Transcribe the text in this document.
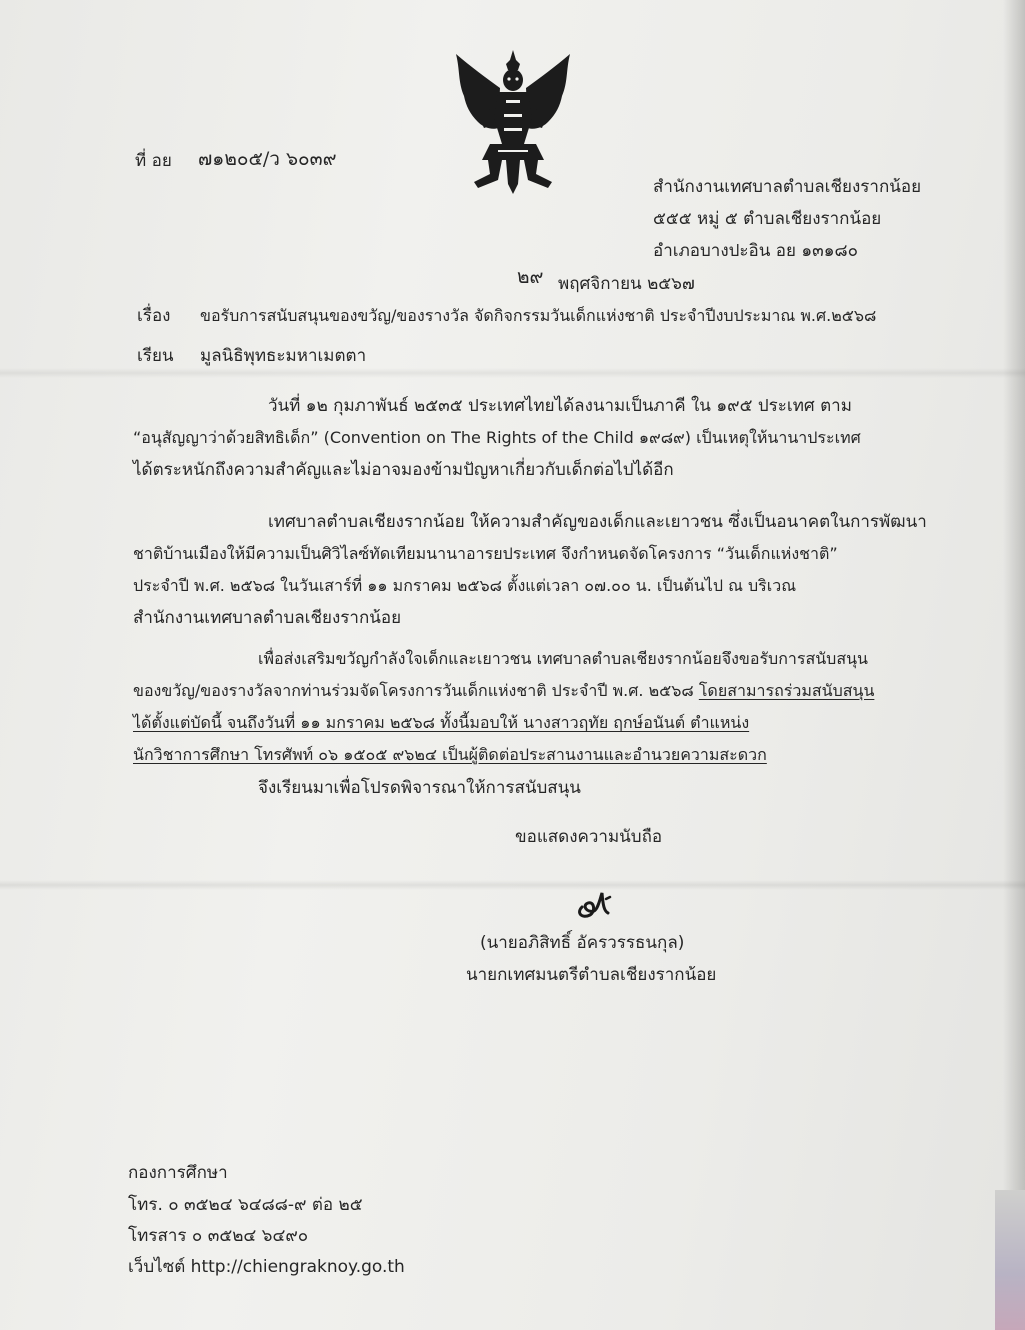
ที่ อย ๗๑๒๐๕/ว ๖๐๓๙
สำนักงานเทศบาลตำบลเชียงรากน้อย
๕๕๕ หมู่ ๕ ตำบลเชียงรากน้อย
อำเภอบางปะอิน อย ๑๓๑๘๐
๒๙ พฤศจิกายน ๒๕๖๗
เรื่อง ขอรับการสนับสนุนของขวัญ/ของรางวัล จัดกิจกรรมวันเด็กแห่งชาติ ประจำปีงบประมาณ พ.ศ.๒๕๖๘
เรียน มูลนิธิพุทธะมหาเมตตา
วันที่ ๑๒ กุมภาพันธ์ ๒๕๓๕ ประเทศไทยได้ลงนามเป็นภาคี ใน ๑๙๕ ประเทศ ตาม
“อนุสัญญาว่าด้วยสิทธิเด็ก” (Convention on The Rights of the Child ๑๙๘๙) เป็นเหตุให้นานาประเทศ
ได้ตระหนักถึงความสำคัญและไม่อาจมองข้ามปัญหาเกี่ยวกับเด็กต่อไปได้อีก
เทศบาลตำบลเชียงรากน้อย ให้ความสำคัญของเด็กและเยาวชน ซึ่งเป็นอนาคตในการพัฒนา
ชาติบ้านเมืองให้มีความเป็นศิวิไลซ์ทัดเทียมนานาอารยประเทศ จึงกำหนดจัดโครงการ “วันเด็กแห่งชาติ”
ประจำปี พ.ศ. ๒๕๖๘ ในวันเสาร์ที่ ๑๑ มกราคม ๒๕๖๘ ตั้งแต่เวลา ๐๗.๐๐ น. เป็นต้นไป ณ บริเวณ
สำนักงานเทศบาลตำบลเชียงรากน้อย
เพื่อส่งเสริมขวัญกำลังใจเด็กและเยาวชน เทศบาลตำบลเชียงรากน้อยจึงขอรับการสนับสนุน
ของขวัญ/ของรางวัลจากท่านร่วมจัดโครงการวันเด็กแห่งชาติ ประจำปี พ.ศ. ๒๕๖๘ โดยสามารถร่วมสนับสนุน
ได้ตั้งแต่บัดนี้ จนถึงวันที่ ๑๑ มกราคม ๒๕๖๘ ทั้งนี้มอบให้ นางสาวฤทัย ฤกษ์อนันต์ ตำแหน่ง
นักวิชาการศึกษา โทรศัพท์ ๐๖ ๑๕๐๕ ๙๖๒๔ เป็นผู้ติดต่อประสานงานและอำนวยความสะดวก
จึงเรียนมาเพื่อโปรดพิจารณาให้การสนับสนุน
ขอแสดงความนับถือ
(นายอภิสิทธิ์ อัครวรรธนกุล)
นายกเทศมนตรีตำบลเชียงรากน้อย
กองการศึกษา
โทร. ๐ ๓๕๒๔ ๖๔๘๘-๙ ต่อ ๒๕
โทรสาร ๐ ๓๕๒๔ ๖๔๙๐
เว็บไซต์ http://chiengraknoy.go.th
